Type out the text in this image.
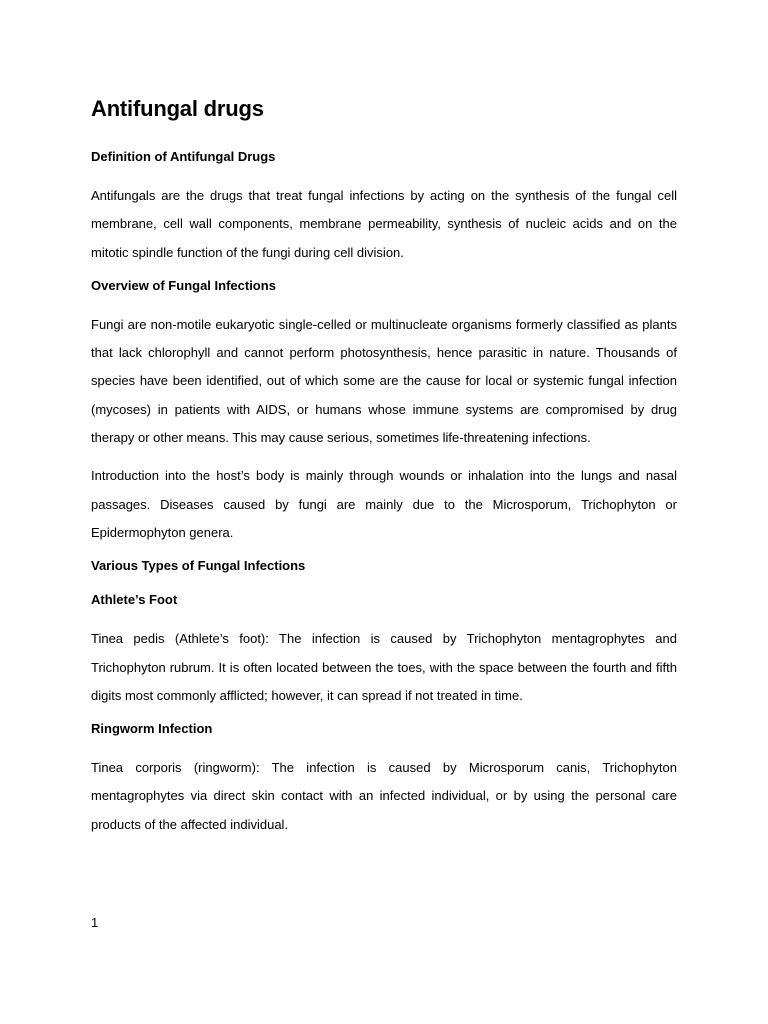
Antifungal drugs
Definition of Antifungal Drugs

Antifungals are the drugs that treat fungal infections by acting on the synthesis of the fungal cell membrane, cell wall components, membrane permeability, synthesis of nucleic acids and on the mitotic spindle function of the fungi during cell division.

Overview of Fungal Infections

Fungi are non-motile eukaryotic single-celled or multinucleate organisms formerly classified as plants that lack chlorophyll and cannot perform photosynthesis, hence parasitic in nature. Thousands of species have been identified, out of which some are the cause for local or systemic fungal infection (mycoses) in patients with AIDS, or humans whose immune systems are compromised by drug therapy or other means. This may cause serious, sometimes life-threatening infections.

Introduction into the host’s body is mainly through wounds or inhalation into the lungs and nasal passages. Diseases caused by fungi are mainly due to the Microsporum, Trichophyton or Epidermophyton genera.

Various Types of Fungal Infections
Athlete’s Foot

Tinea pedis (Athlete’s foot): The infection is caused by Trichophyton mentagrophytes and Trichophyton rubrum. It is often located between the toes, with the space between the fourth and fifth digits most commonly afflicted; however, it can spread if not treated in time.

Ringworm Infection

Tinea corporis (ringworm): The infection is caused by Microsporum canis, Trichophyton mentagrophytes via direct skin contact with an infected individual, or by using the personal care products of the affected individual.

1
